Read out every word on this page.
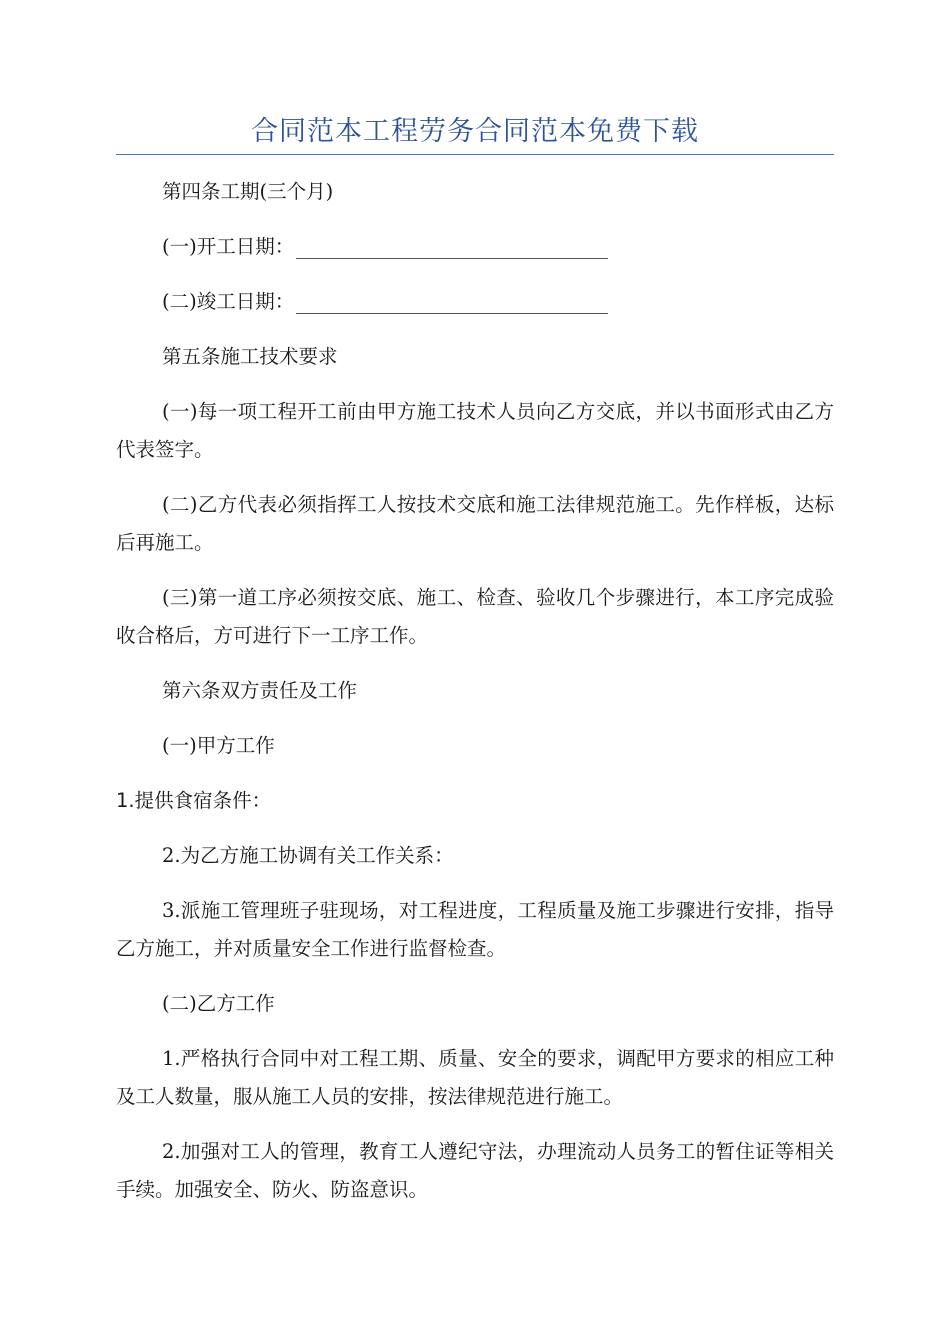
合同范本工程劳务合同范本免费下载

第四条工期(三个月)

(一)开工日期：

(二)竣工日期：

第五条施工技术要求

(一)每一项工程开工前由甲方施工技术人员向乙方交底，并以书面形式由乙方代表签字。

(二)乙方代表必须指挥工人按技术交底和施工法律规范施工。先作样板，达标后再施工。

(三)第一道工序必须按交底、施工、检查、验收几个步骤进行，本工序完成验收合格后，方可进行下一工序工作。

第六条双方责任及工作

(一)甲方工作

1.提供食宿条件：

2.为乙方施工协调有关工作关系：

3.派施工管理班子驻现场，对工程进度，工程质量及施工步骤进行安排，指导乙方施工，并对质量安全工作进行监督检查。

(二)乙方工作

1.严格执行合同中对工程工期、质量、安全的要求，调配甲方要求的相应工种及工人数量，服从施工人员的安排，按法律规范进行施工。

2.加强对工人的管理，教育工人遵纪守法，办理流动人员务工的暂住证等相关手续。加强安全、防火、防盗意识。
